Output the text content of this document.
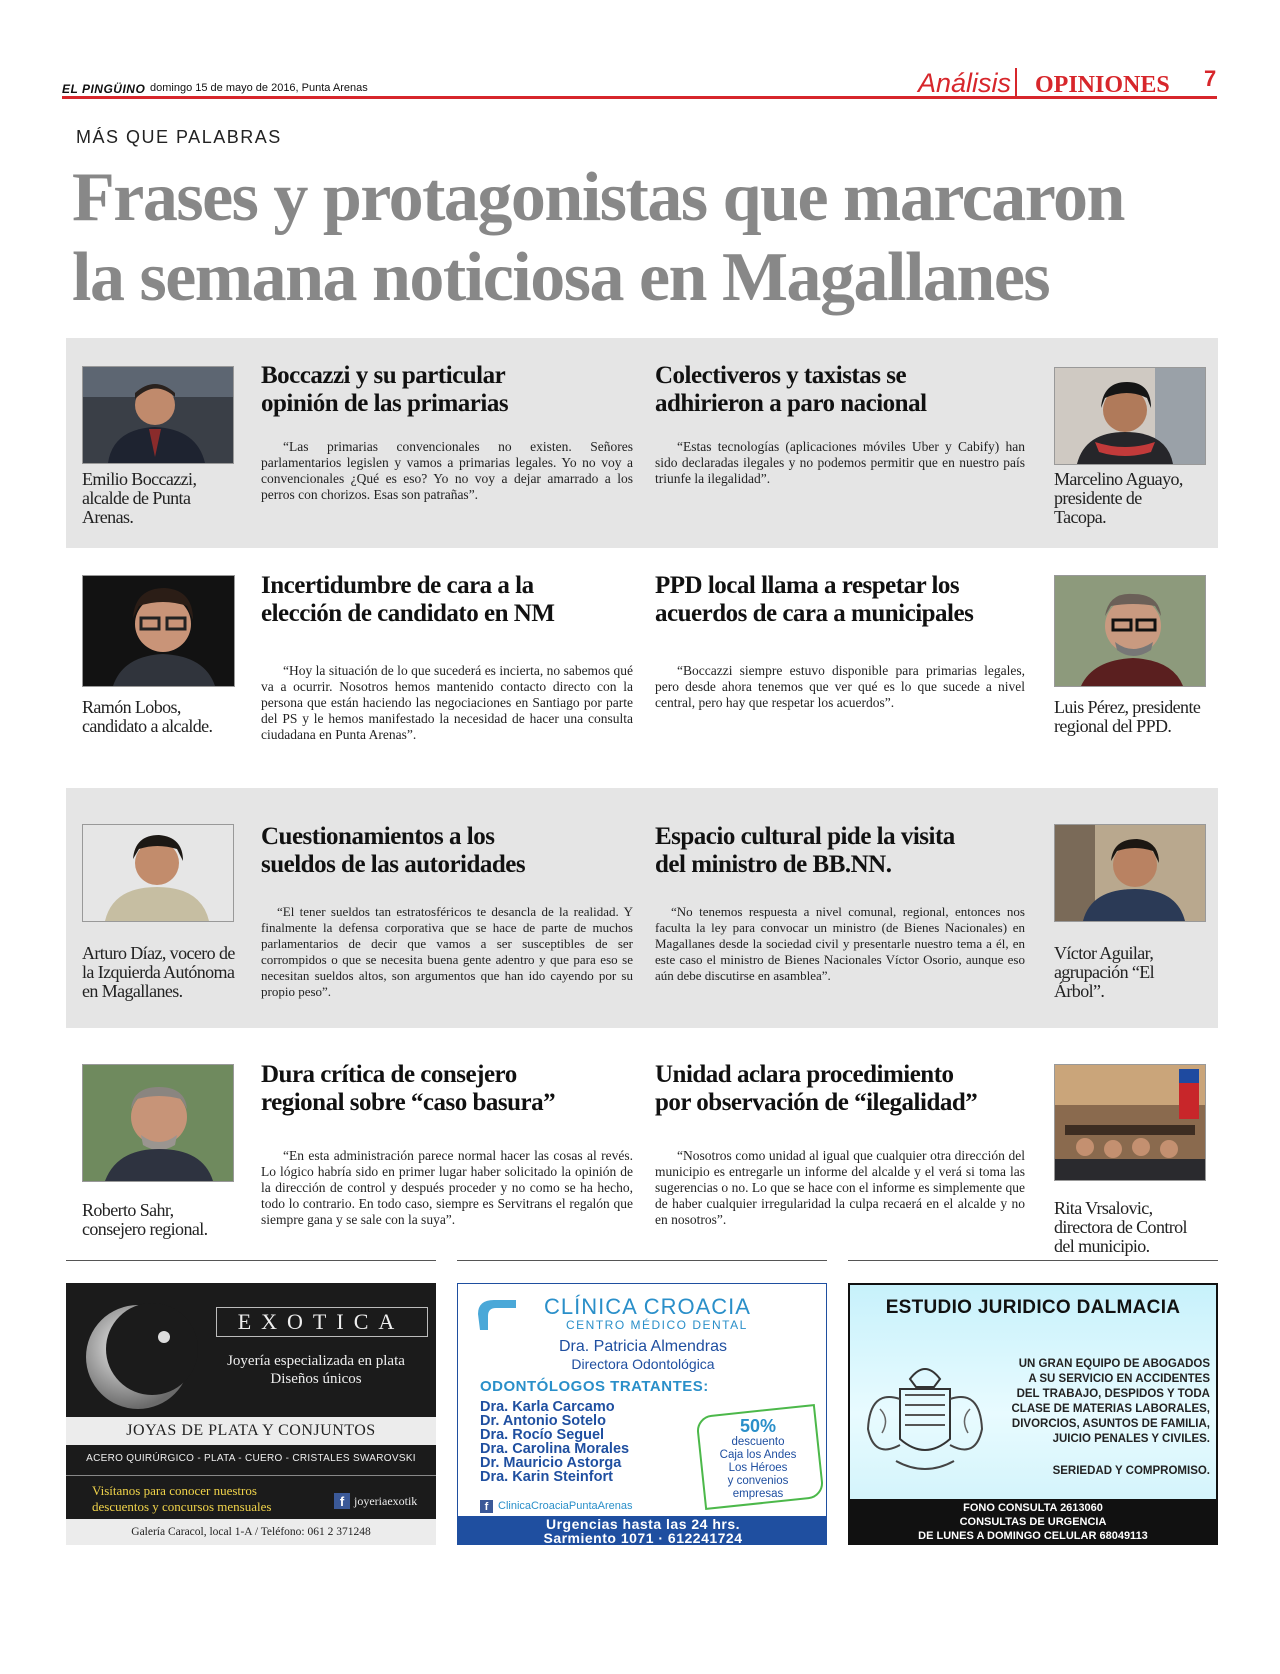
EL PINGÜINO domingo 15 de mayo de 2016, Punta Arenas	Análisis OPINIONES 7
MÁS QUE PALABRAS
Frases y protagonistas que marcaron
la semana noticiosa en Magallanes
Emilio Boccazzi,
alcalde de Punta
Arenas.
Boccazzi y su particular
opinión de las primarias
“Las primarias convencionales no existen. Señores parlamentarios legislen y vamos a primarias legales. Yo no voy a convencionales ¿Qué es eso? Yo no voy a dejar amarrado a los perros con chorizos. Esas son patrañas”.
Colectiveros y taxistas se
adhirieron a paro nacional
“Estas tecnologías (aplicaciones móviles Uber y Cabify) han sido declaradas ilegales y no podemos permitir que en nuestro país triunfe la ilegalidad”.	Marcelino Aguayo,
presidente de
Tacopa.
Ramón Lobos,
candidato a alcalde.
Incertidumbre de cara a la
elección de candidato en NM
“Hoy la situación de lo que sucederá es incierta, no sabemos qué va a ocurrir. Nosotros hemos mantenido contacto directo con la persona que están haciendo las negociaciones en Santiago por parte del PS y le hemos manifestado la necesidad de hacer una consulta ciudadana en Punta Arenas”.
PPD local llama a respetar los
acuerdos de cara a municipales
“Boccazzi siempre estuvo disponible para primarias legales, pero desde ahora tenemos que ver qué es lo que sucede a nivel central, pero hay que respetar los acuerdos”.	Luis Pérez, presidente
regional del PPD.
Arturo Díaz, vocero de
la Izquierda Autónoma
en Magallanes.
Cuestionamientos a los
sueldos de las autoridades
“El tener sueldos tan estratosféricos te desancla de la realidad. Y finalmente la defensa corporativa que se hace de parte de muchos parlamentarios de decir que vamos a ser susceptibles de ser corrompidos o que se necesita buena gente adentro y que para eso se necesitan sueldos altos, son argumentos que han ido cayendo por su propio peso”.
Espacio cultural pide la visita
del ministro de BB.NN.
“No tenemos respuesta a nivel comunal, regional, entonces nos faculta la ley para convocar un ministro (de Bienes Nacionales) en Magallanes desde la sociedad civil y presentarle nuestro tema a él, en este caso el ministro de Bienes Nacionales Víctor Osorio, aunque eso aún debe discutirse en asamblea”.
Víctor Aguilar,
agrupación “El
Árbol”.
Roberto Sahr,
consejero regional.
Dura crítica de consejero
regional sobre “caso basura”
“En esta administración parece normal hacer las cosas al revés. Lo lógico habría sido en primer lugar haber solicitado la opinión de la dirección de control y después proceder y no como se ha hecho, todo lo contrario. En todo caso, siempre es Servitrans el regalón que siempre gana y se sale con la suya”.
Unidad aclara procedimiento
por observación de “ilegalidad”
“Nosotros como unidad al igual que cualquier otra dirección del municipio es entregarle un informe del alcalde y el verá si toma las sugerencias o no. Lo que se hace con el informe es simplemente que de haber cualquier irregularidad la culpa recaerá en el alcalde y no en nosotros”.
Rita Vrsalovic,
directora de Control
del municipio.
EXOTICA
Joyería especializada en plata
Diseños únicos
JOYAS DE PLATA Y CONJUNTOS
ACERO QUIRÚRGICO - PLATA - CUERO - CRISTALES SWAROVSKI
Visítanos para conocer nuestros
descuentos y concursos mensuales	f joyeriaexotik
Galería Caracol, local 1-A / Teléfono: 061 2 371248
CLÍNICA CROACIA
CENTRO MÉDICO DENTAL
Dra. Patricia Almendras
Directora Odontológica
ODONTÓLOGOS TRATANTES:
Dra. Karla Carcamo
Dr. Antonio Sotelo
Dra. Rocío Seguel
Dra. Carolina Morales
Dr. Mauricio Astorga
Dra. Karin Steinfort
50%
descuento
Caja los Andes
Los Héroes
y convenios
empresas
f ClinicaCroaciaPuntaArenas
Urgencias hasta las 24 hrs.
Sarmiento 1071 · 612241724
ESTUDIO JURIDICO DALMACIA
UN GRAN EQUIPO DE ABOGADOS
A SU SERVICIO EN ACCIDENTES
DEL TRABAJO, DESPIDOS Y TODA
CLASE DE MATERIAS LABORALES,
DIVORCIOS, ASUNTOS DE FAMILIA,
JUICIO PENALES Y CIVILES.
SERIEDAD Y COMPROMISO.
FONO CONSULTA 2613060
CONSULTAS DE URGENCIA
DE LUNES A DOMINGO CELULAR 68049113
